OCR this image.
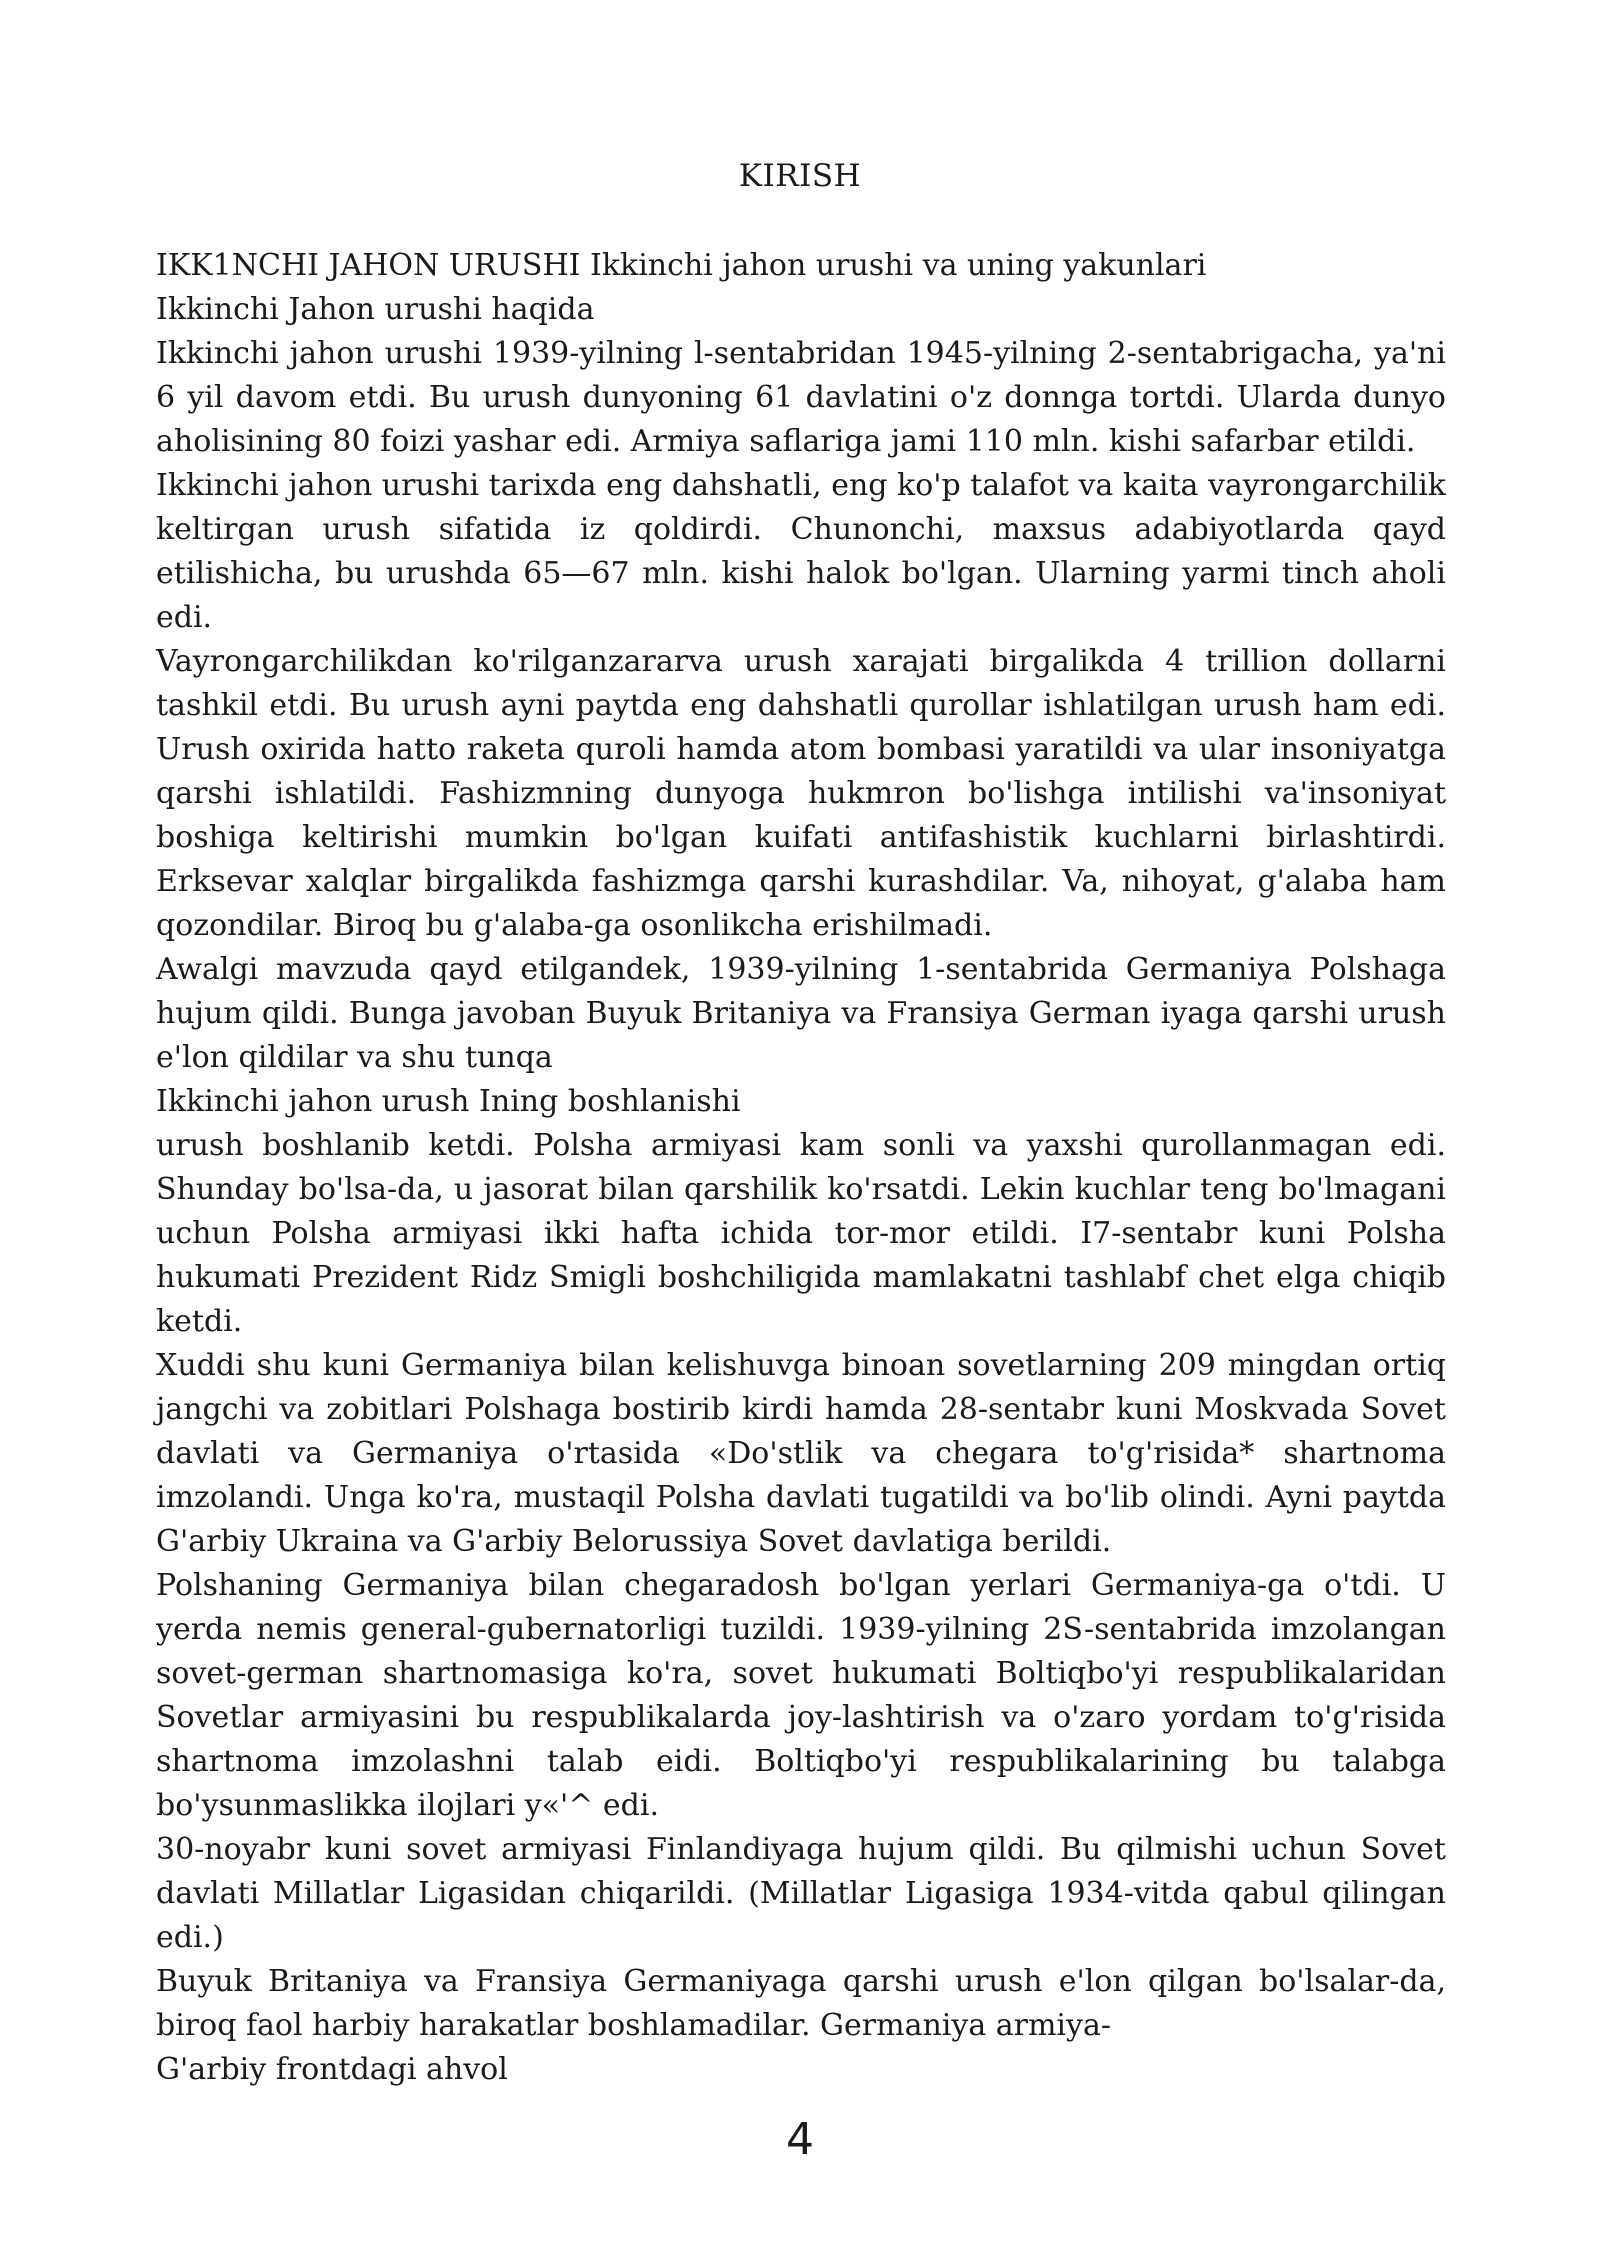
KIRISH

IKK1NCHI JAHON URUSHI Ikkinchi jahon urushi va uning yakunlari

Ikkinchi Jahon urushi haqida

Ikkinchi jahon urushi 1939-yilning l-sentabridan 1945-yilning 2-sentabrigacha, ya'ni 6 yil davom etdi. Bu urush dunyoning 61 davlatini o'z donnga tortdi. Ularda dunyo aholisining 80 foizi yashar edi. Armiya saflariga jami 110 mln. kishi safarbar etildi.

Ikkinchi jahon urushi tarixda eng dahshatli, eng ko'p talafot va kaita vayrongarchilik keltirgan urush sifatida iz qoldirdi. Chunonchi, maxsus adabiyotlarda qayd etilishicha, bu urushda 65—67 mln. kishi halok bo'lgan. Ularning yarmi tinch aholi edi.

Vayrongarchilikdan ko'rilganzararva urush xarajati birgalikda 4 trillion dollarni tashkil etdi. Bu urush ayni paytda eng dahshatli qurollar ishlatilgan urush ham edi. Urush oxirida hatto raketa quroli hamda atom bombasi yaratildi va ular insoniyatga qarshi ishlatildi. Fashizmning dunyoga hukmron bo'lishga intilishi va'insoniyat boshiga keltirishi mumkin bo'lgan kuifati antifashistik kuchlarni birlashtirdi. Erksevar xalqlar birgalikda fashizmga qarshi kurashdilar. Va, nihoyat, g'alaba ham qozondilar. Biroq bu g'alaba-ga osonlikcha erishilmadi.

Awalgi mavzuda qayd etilgandek, 1939-yilning 1-sentabrida Germaniya Polshaga hujum qildi. Bunga javoban Buyuk Britaniya va Fransiya German iyaga qarshi urush e'lon qildilar va shu tunqa

Ikkinchi jahon urush Ining boshlanishi

urush boshlanib ketdi. Polsha armiyasi kam sonli va yaxshi qurollanmagan edi. Shunday bo'lsa-da, u jasorat bilan qarshilik ko'rsatdi. Lekin kuchlar teng bo'lmagani uchun Polsha armiyasi ikki hafta ichida tor-mor etildi. I7-sentabr kuni Polsha hukumati Prezident Ridz Smigli boshchiligida mamlakatni tashlabf chet elga chiqib ketdi.

Xuddi shu kuni Germaniya bilan kelishuvga binoan sovetlarning 209 mingdan ortiq jangchi va zobitlari Polshaga bostirib kirdi hamda 28-sentabr kuni Moskvada Sovet davlati va Germaniya o'rtasida «Do'stlik va chegara to'g'risida* shartnoma imzolandi. Unga ko'ra, mustaqil Polsha davlati tugatildi va bo'lib olindi. Ayni paytda G'arbiy Ukraina va G'arbiy Belorussiya Sovet davlatiga berildi.

Polshaning Germaniya bilan chegaradosh bo'lgan yerlari Germaniya-ga o'tdi. U yerda nemis general-gubernatorligi tuzildi. 1939-yilning 2S-sentabrida imzolangan sovet-german shartnomasiga ko'ra, sovet hukumati Boltiqbo'yi respublikalaridan Sovetlar armiyasini bu respublikalarda joy-lashtirish va o'zaro yordam to'g'risida shartnoma imzolashni talab eidi. Boltiqbo'yi respublikalarining bu talabga bo'ysunmaslikka ilojlari y«'^ edi.

30-noyabr kuni sovet armiyasi Finlandiyaga hujum qildi. Bu qilmishi uchun Sovet davlati Millatlar Ligasidan chiqarildi. (Millatlar Ligasiga 1934-vitda qabul qilingan edi.)

Buyuk Britaniya va Fransiya Germaniyaga qarshi urush e'lon qilgan bo'lsalar-da, biroq faol harbiy harakatlar boshlamadilar. Germaniya armiya-

G'arbiy frontdagi ahvol

4
